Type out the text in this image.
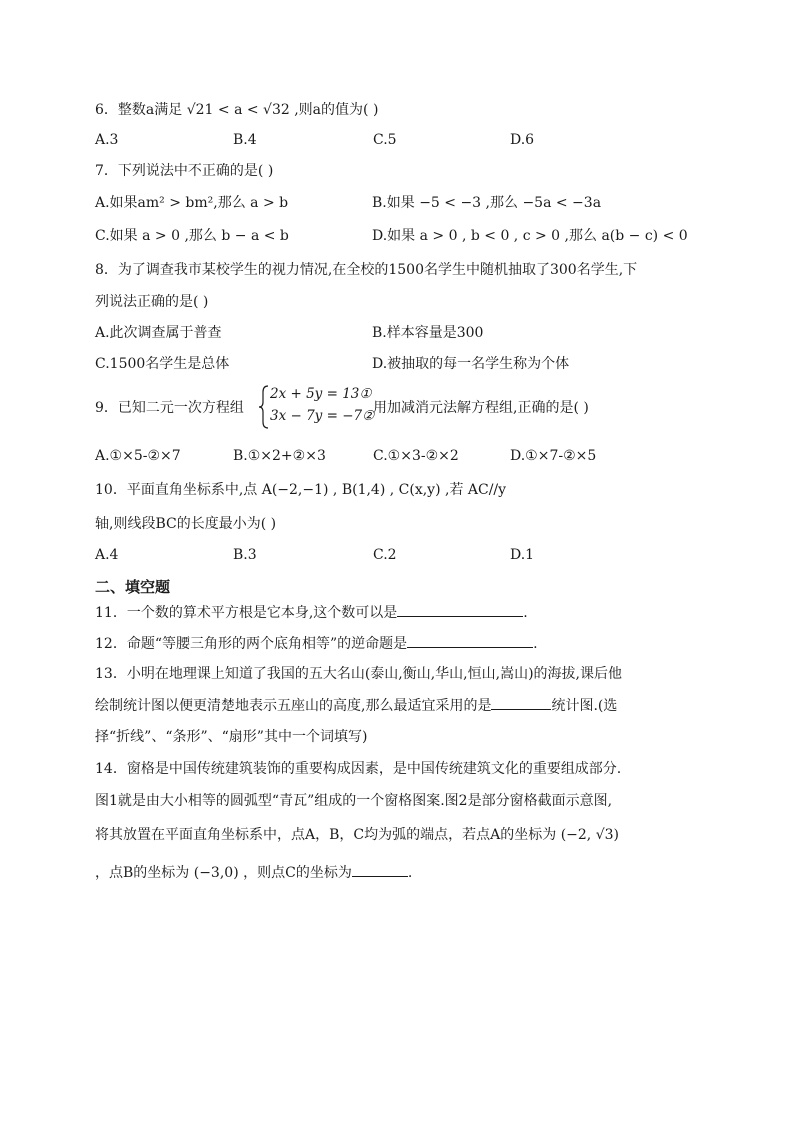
6．整数a满足 √21 < a < √32 ,则a的值为( )
A.3	B.4	C.5	D.6
7．下列说法中不正确的是( )
A.如果am² > bm²,那么 a > b	B.如果 −5 < −3 ,那么 −5a < −3a
C.如果 a > 0 ,那么 b − a < b	D.如果 a > 0 , b < 0 , c > 0 ,那么 a(b − c) < 0
8．为了调查我市某校学生的视力情况,在全校的1500名学生中随机抽取了300名学生,下
列说法正确的是( )
A.此次调查属于普查	B.样本容量是300
C.1500名学生是总体	D.被抽取的每一名学生称为个体
9．已知二元一次方程组
2x + 5y = 13①
3x − 7y = −7②
用加减消元法解方程组,正确的是( )
A.①×5-②×7	B.①×2+②×3	C.①×3-②×2	D.①×7-②×5
10．平面直角坐标系中,点 A(−2,−1) , B(1,4) , C(x,y) ,若 AC//y
轴,则线段BC的长度最小为( )
A.4	B.3	C.2	D.1
二、填空题
11．一个数的算术平方根是它本身,这个数可以是	.
12．命题“等腰三角形的两个底角相等”的逆命题是	.
13．小明在地理课上知道了我国的五大名山(泰山,衡山,华山,恒山,嵩山)的海拔,课后他
绘制统计图以便更清楚地表示五座山的高度,那么最适宜采用的是	统计图.(选
择“折线”、“条形”、“扇形”其中一个词填写)
14．窗格是中国传统建筑装饰的重要构成因素，是中国传统建筑文化的重要组成部分.
图1就是由大小相等的圆弧型“青瓦”组成的一个窗格图案.图2是部分窗格截面示意图,
将其放置在平面直角坐标系中，点A，B，C均为弧的端点，若点A的坐标为 (−2, √3)
，点B的坐标为 (−3,0) ，则点C的坐标为	.
